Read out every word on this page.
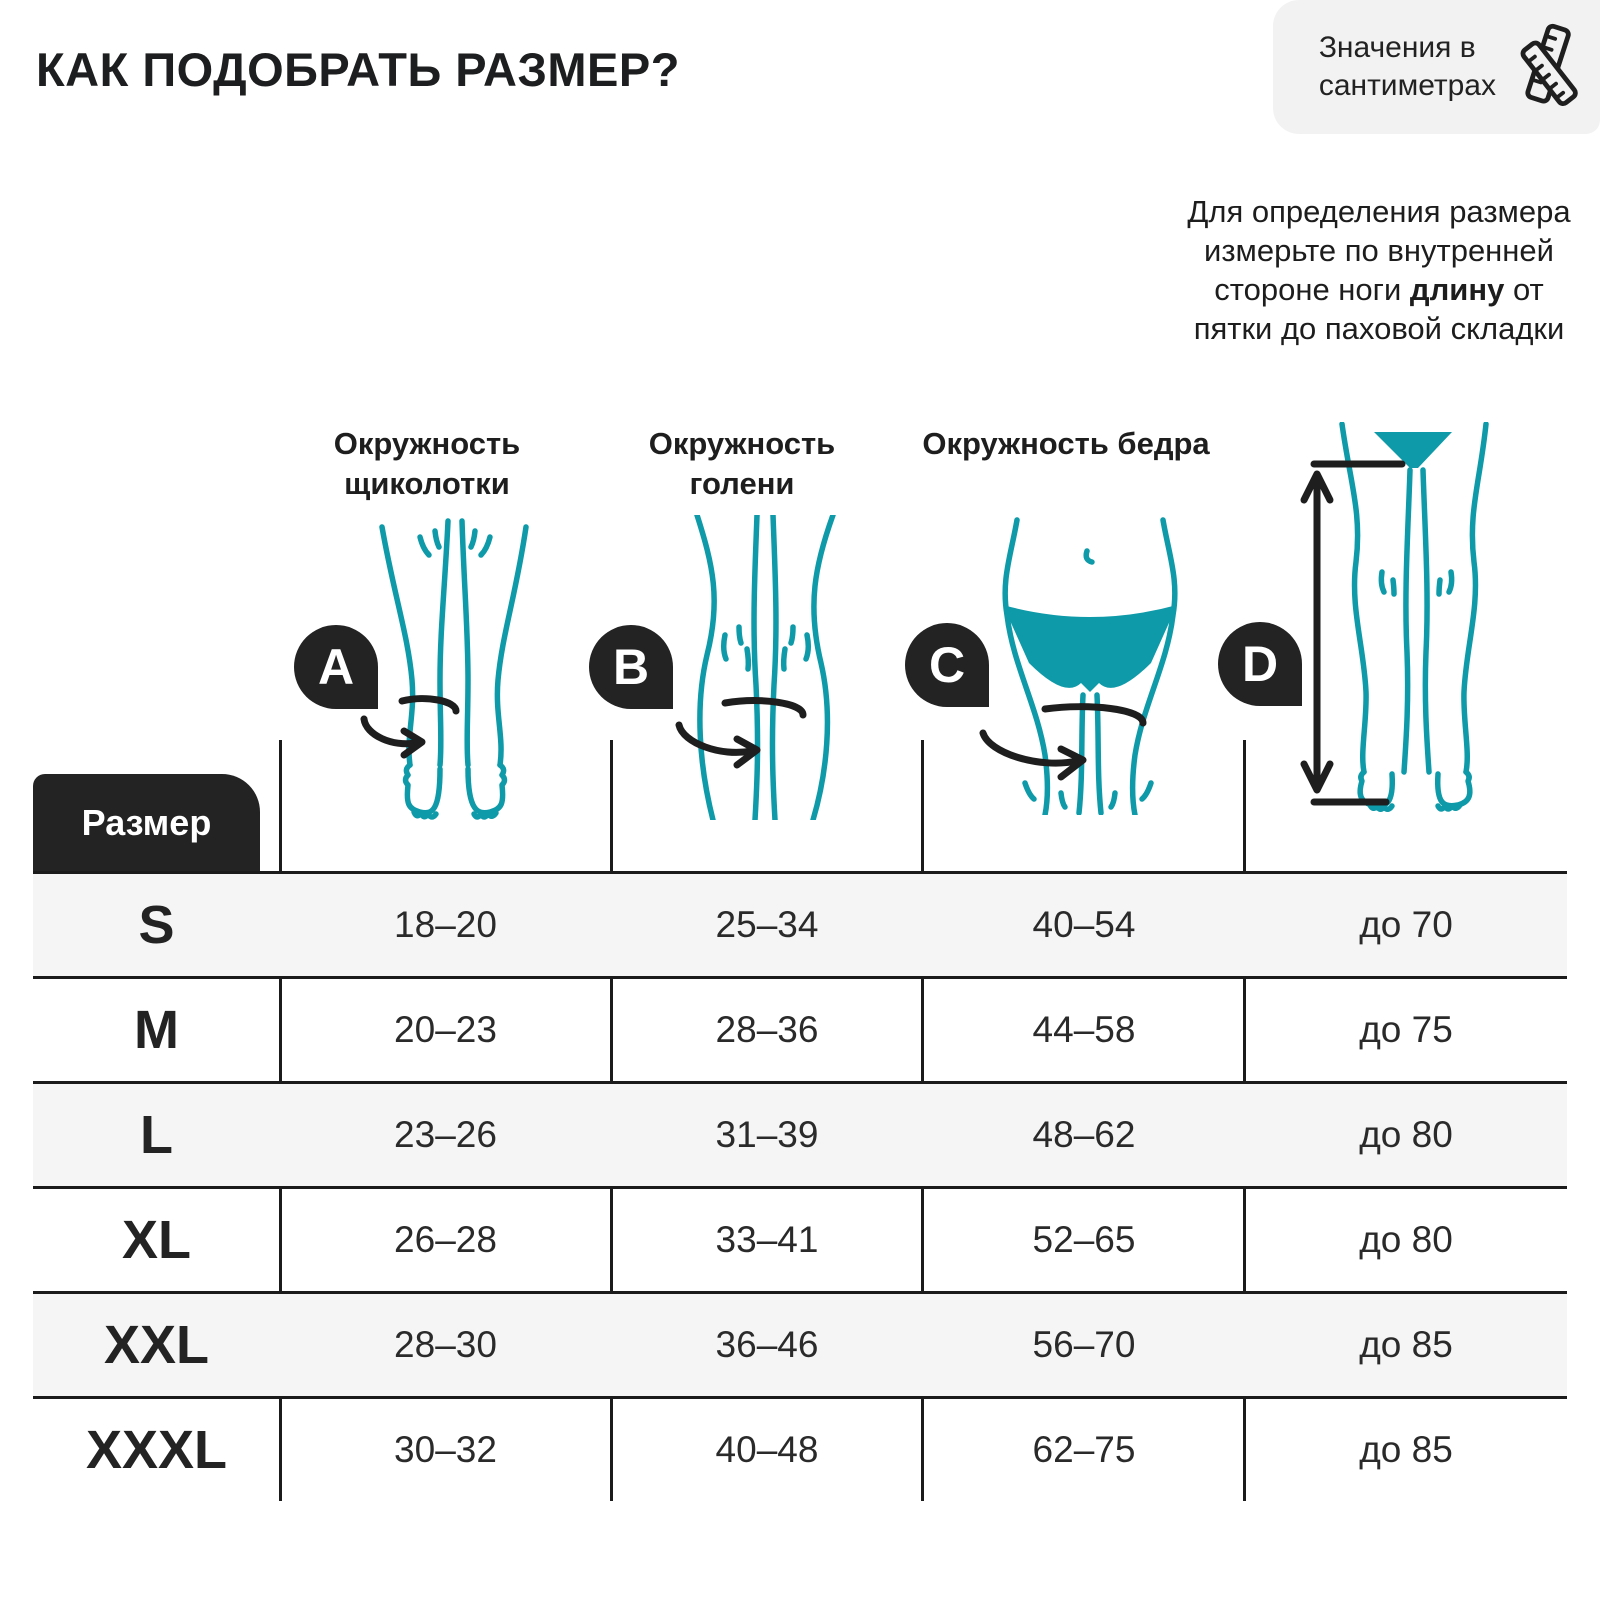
КАК ПОДОБРАТЬ РАЗМЕР?	Значения в
сантиметрах
Для определения размера измерьте по внутренней стороне ноги длину от пятки до паховой складки
Окружность щиколотки
Окружность голени
Окружность бедра
A	B	C	D
Размер
S	18–20	25–34	40–54	до 70
M	20–23	28–36	44–58	до 75
L	23–26	31–39	48–62	до 80
XL	26–28	33–41	52–65	до 80
XXL	28–30	36–46	56–70	до 85
XXXL	30–32	40–48	62–75	до 85
